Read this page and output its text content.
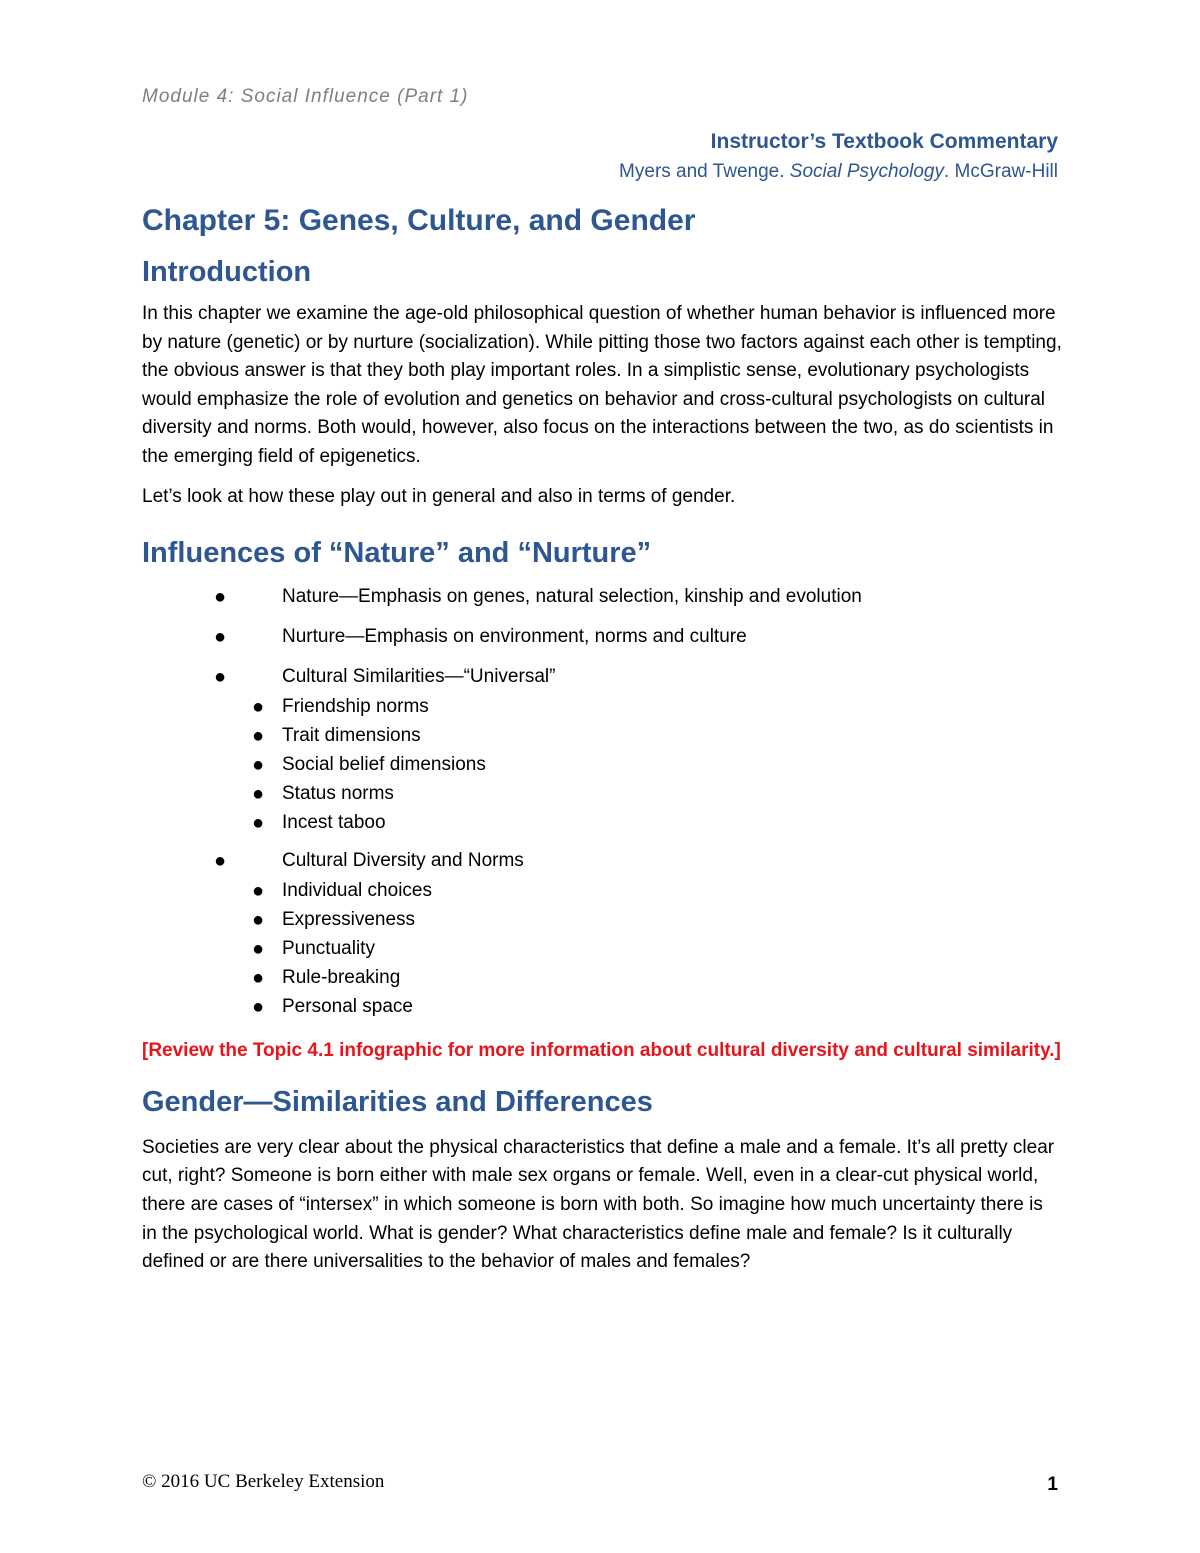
Module 4: Social Influence (Part 1)
Instructor’s Textbook Commentary
Myers and Twenge. Social Psychology. McGraw-Hill
Chapter 5: Genes, Culture, and Gender
Introduction

In this chapter we examine the age-old philosophical question of whether human behavior is influenced more by nature (genetic) or by nurture (socialization). While pitting those two factors against each other is tempting, the obvious answer is that they both play important roles. In a simplistic sense, evolutionary psychologists would emphasize the role of evolution and genetics on behavior and cross-cultural psychologists on cultural diversity and norms. Both would, however, also focus on the interactions between the two, as do scientists in the emerging field of epigenetics.

Let’s look at how these play out in general and also in terms of gender.

Influences of “Nature” and “Nurture”
●	Nature—Emphasis on genes, natural selection, kinship and evolution
●	Nurture—Emphasis on environment, norms and culture
●	Cultural Similarities—“Universal”
● Friendship norms
● Trait dimensions
● Social belief dimensions
● Status norms
● Incest taboo
●	Cultural Diversity and Norms
● Individual choices
● Expressiveness
● Punctuality
● Rule-breaking
● Personal space
[Review the Topic 4.1 infographic for more information about cultural diversity and cultural similarity.]
Gender—Similarities and Differences

Societies are very clear about the physical characteristics that define a male and a female. It’s all pretty clear cut, right? Someone is born either with male sex organs or female. Well, even in a clear-cut physical world, there are cases of “intersex” in which someone is born with both. So imagine how much uncertainty there is in the psychological world. What is gender? What characteristics define male and female? Is it culturally defined or are there universalities to the behavior of males and females?

© 2016 UC Berkeley Extension	1
